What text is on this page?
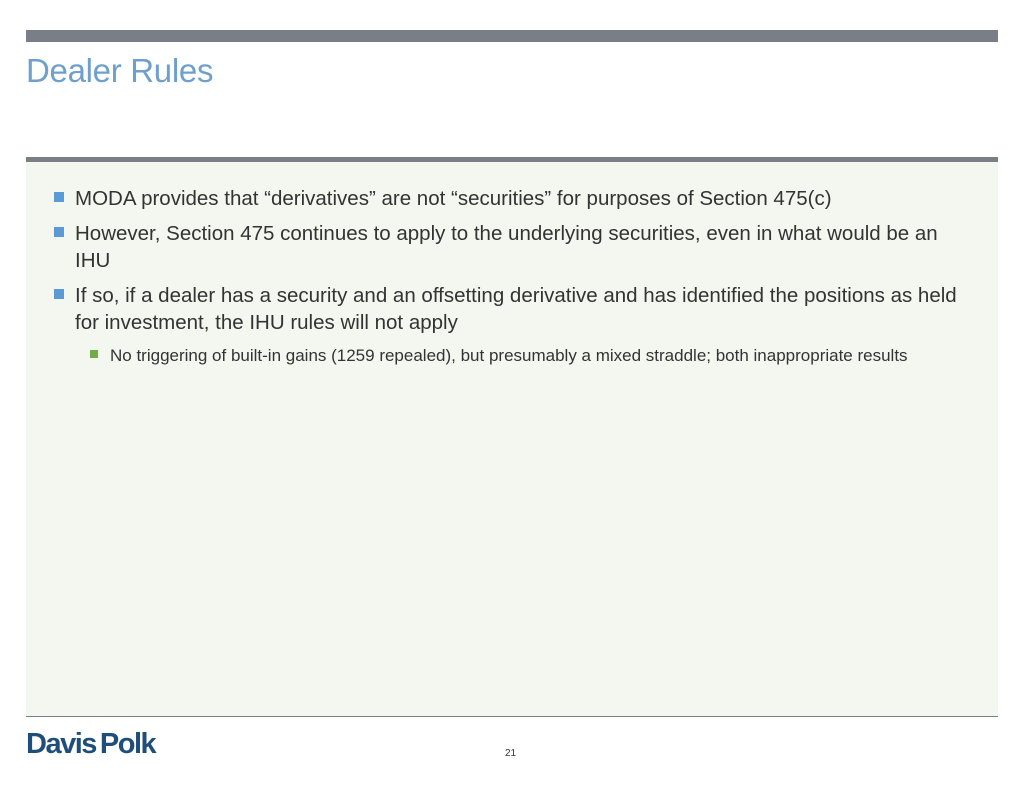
Dealer Rules
MODA provides that “derivatives” are not “securities” for purposes of Section 475(c)
However, Section 475 continues to apply to the underlying securities, even in what would be an IHU
If so, if a dealer has a security and an offsetting derivative and has identified the positions as held for investment, the IHU rules will not apply
No triggering of built-in gains (1259 repealed), but presumably a mixed straddle; both inappropriate results
Davis Polk	21
